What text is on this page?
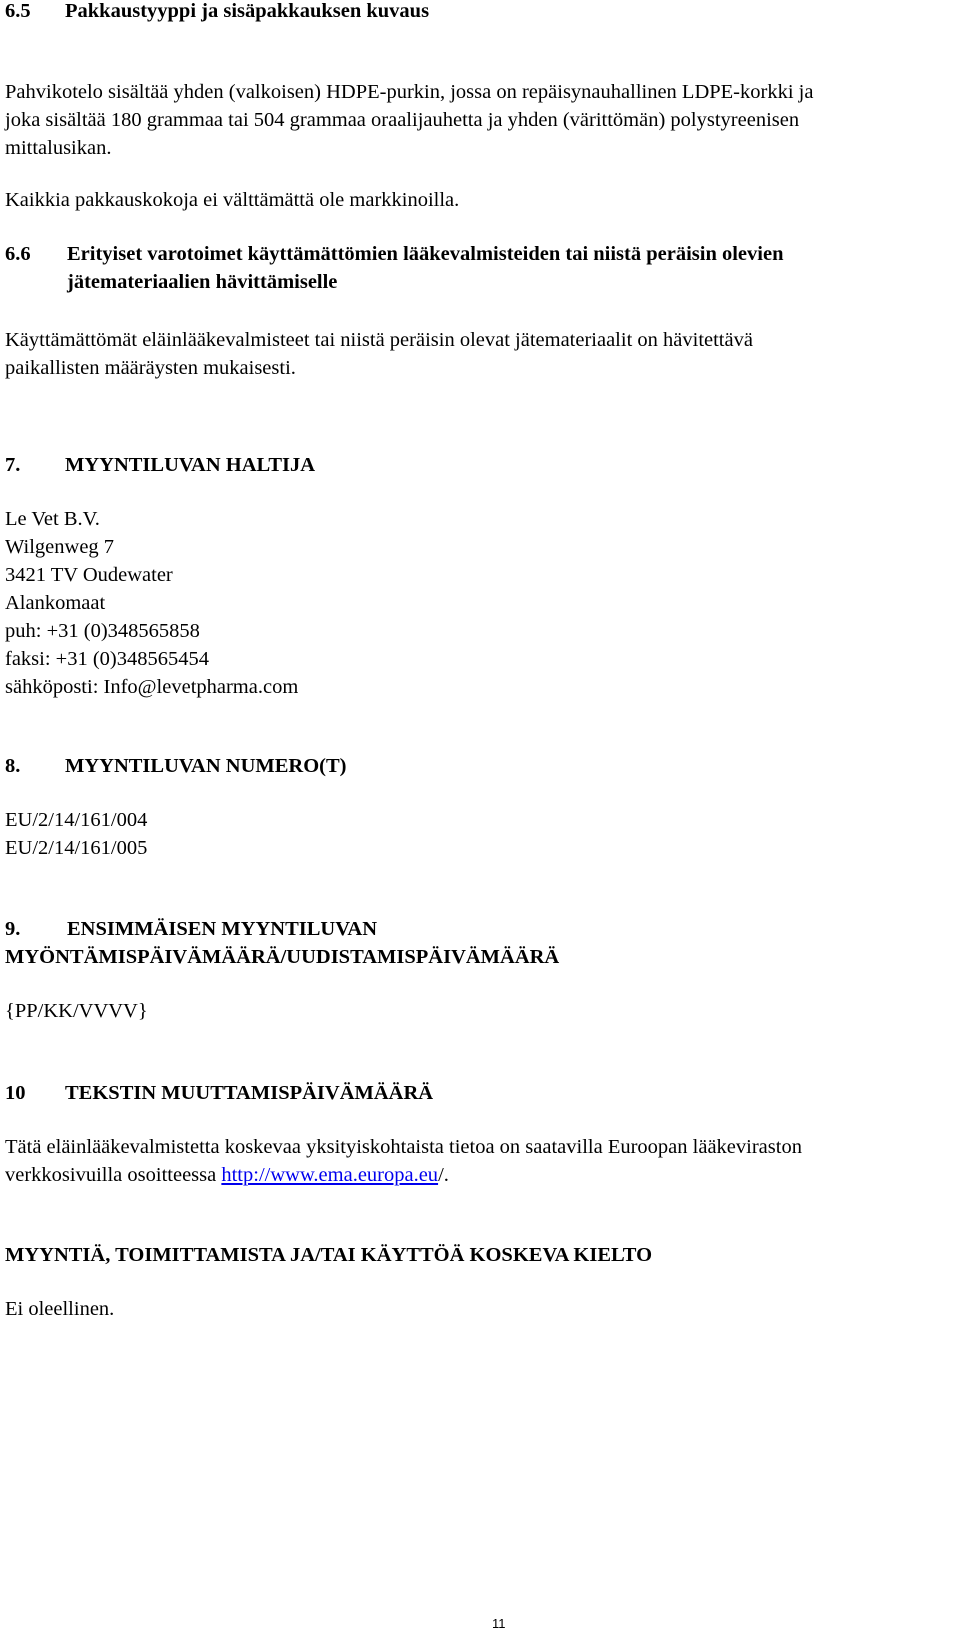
6.5 Pakkaustyyppi ja sisäpakkauksen kuvaus
Pahvikotelo sisältää yhden (valkoisen) HDPE-purkin, jossa on repäisynauhallinen LDPE-korkki ja
joka sisältää 180 grammaa tai 504 grammaa oraalijauhetta ja yhden (värittömän) polystyreenisen
mittalusikan.
Kaikkia pakkauskokoja ei välttämättä ole markkinoilla.
6.6	Erityiset varotoimet käyttämättömien lääkevalmisteiden tai niistä peräisin olevien
jätemateriaalien hävittämiselle
Käyttämättömät eläinlääkevalmisteet tai niistä peräisin olevat jätemateriaalit on hävitettävä
paikallisten määräysten mukaisesti.
7. MYYNTILUVAN HALTIJA
Le Vet B.V.
Wilgenweg 7
3421 TV Oudewater
Alankomaat
puh: +31 (0)348565858
faksi: +31 (0)348565454
sähköposti: Info@levetpharma.com
8. MYYNTILUVAN NUMERO(T)
EU/2/14/161/004
EU/2/14/161/005
9.	ENSIMMÄISEN MYYNTILUVAN
MYÖNTÄMISPÄIVÄMÄÄRÄ/UUDISTAMISPÄIVÄMÄÄRÄ
{PP/KK/VVVV}
10 TEKSTIN MUUTTAMISPÄIVÄMÄÄRÄ
Tätä eläinlääkevalmistetta koskevaa yksityiskohtaista tietoa on saatavilla Euroopan lääkeviraston
verkkosivuilla osoitteessa http://www.ema.europa.eu/.
MYYNTIÄ, TOIMITTAMISTA JA/TAI KÄYTTÖÄ KOSKEVA KIELTO
Ei oleellinen.
11
